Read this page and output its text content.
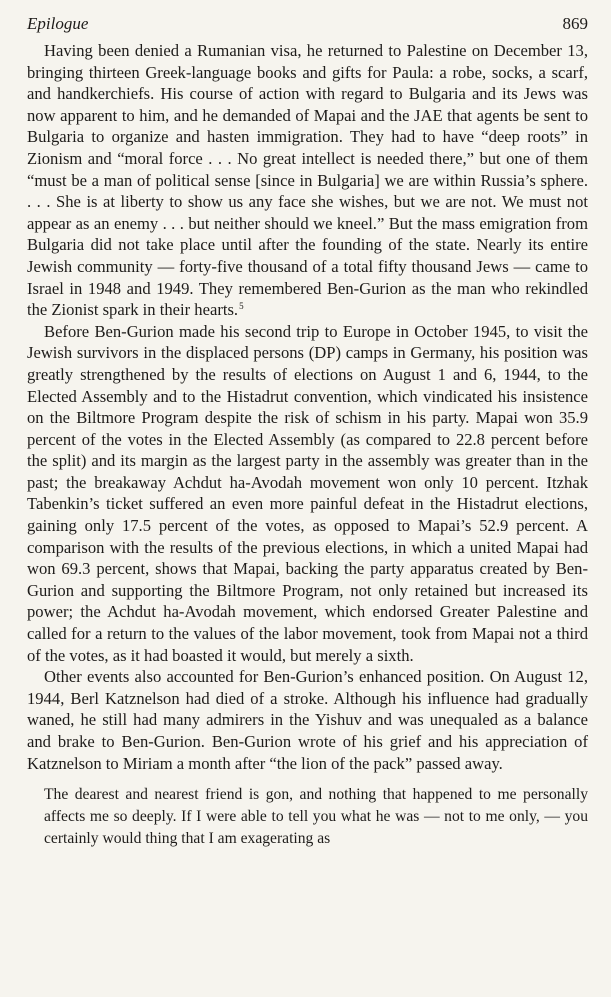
Epilogue	869

Having been denied a Rumanian visa, he returned to Palestine on December 13, bringing thirteen Greek-language books and gifts for Paula: a robe, socks, a scarf, and handkerchiefs. His course of action with regard to Bulgaria and its Jews was now apparent to him, and he demanded of Mapai and the JAE that agents be sent to Bulgaria to organize and hasten immigration. They had to have “deep roots” in Zionism and “moral force . . . No great intellect is needed there,” but one of them “must be a man of political sense [since in Bulgaria] we are within Russia’s sphere. . . . She is at liberty to show us any face she wishes, but we are not. We must not appear as an enemy . . . but neither should we kneel.” But the mass emigration from Bulgaria did not take place until after the founding of the state. Nearly its entire Jewish community — forty-five thousand of a total fifty thousand Jews — came to Israel in 1948 and 1949. They remembered Ben-Gurion as the man who rekindled the Zionist spark in their hearts.$^5$

Before Ben-Gurion made his second trip to Europe in October 1945, to visit the Jewish survivors in the displaced persons (DP) camps in Germany, his position was greatly strengthened by the results of elections on August 1 and 6, 1944, to the Elected Assembly and to the Histadrut convention, which vindicated his insistence on the Biltmore Program despite the risk of schism in his party. Mapai won 35.9 percent of the votes in the Elected Assembly (as compared to 22.8 percent before the split) and its margin as the largest party in the assembly was greater than in the past; the breakaway Achdut ha-Avodah movement won only 10 percent. Itzhak Tabenkin’s ticket suffered an even more painful defeat in the Histadrut elections, gaining only 17.5 percent of the votes, as opposed to Mapai’s 52.9 percent. A comparison with the results of the previous elections, in which a united Mapai had won 69.3 percent, shows that Mapai, backing the party apparatus created by Ben-Gurion and supporting the Biltmore Program, not only retained but increased its power; the Achdut ha-Avodah movement, which endorsed Greater Palestine and called for a return to the values of the labor movement, took from Mapai not a third of the votes, as it had boasted it would, but merely a sixth.

Other events also accounted for Ben-Gurion’s enhanced position. On August 12, 1944, Berl Katznelson had died of a stroke. Although his influence had gradually waned, he still had many admirers in the Yishuv and was unequaled as a balance and brake to Ben-Gurion. Ben-Gurion wrote of his grief and his appreciation of Katznelson to Miriam a month after “the lion of the pack” passed away.

The dearest and nearest friend is gon, and nothing that happened to me personally affects me so deeply. If I were able to tell you what he was — not to me only, — you certainly would thing that I am exagerating as
